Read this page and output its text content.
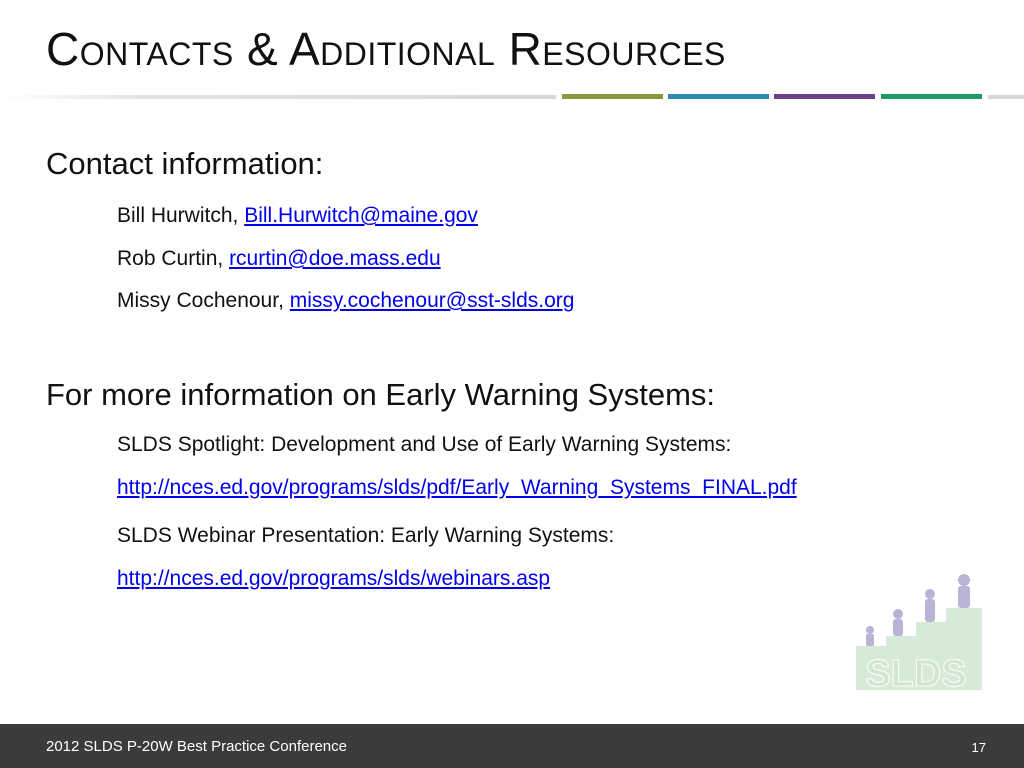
Contacts & Additional Resources

Contact information:

Bill Hurwitch, Bill.Hurwitch@maine.gov

Rob Curtin, rcurtin@doe.mass.edu

Missy Cochenour, missy.cochenour@sst-slds.org

For more information on Early Warning Systems:

SLDS Spotlight: Development and Use of Early Warning Systems:

http://nces.ed.gov/programs/slds/pdf/Early_Warning_Systems_FINAL.pdf

SLDS Webinar Presentation: Early Warning Systems:

http://nces.ed.gov/programs/slds/webinars.asp

SLDS
2012 SLDS P-20W Best Practice Conference	17
